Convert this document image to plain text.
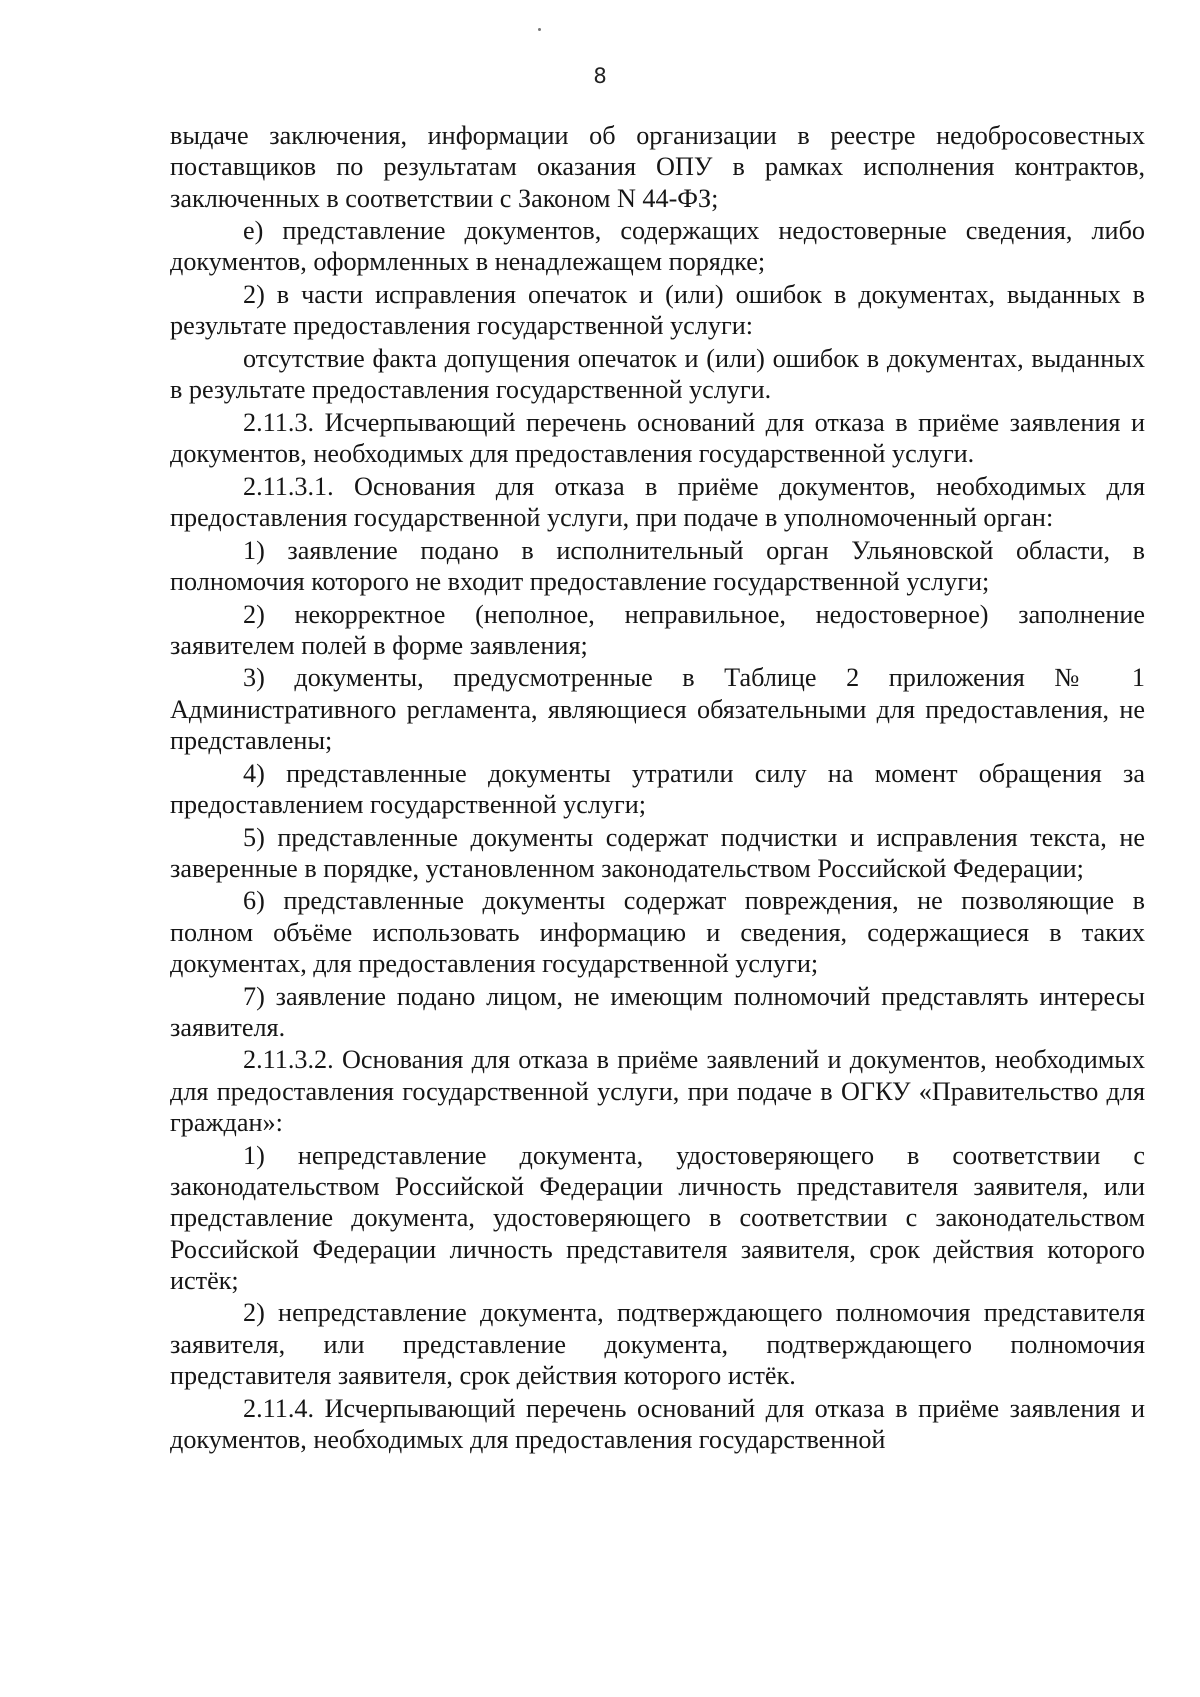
8

выдаче заключения, информации об организации в реестре недобросовестных поставщиков по результатам оказания ОПУ в рамках исполнения контрактов, заключенных в соответствии с Законом N 44-ФЗ;

е) представление документов, содержащих недостоверные сведения, либо документов, оформленных в ненадлежащем порядке;

2) в части исправления опечаток и (или) ошибок в документах, выданных в результате предоставления государственной услуги:

отсутствие факта допущения опечаток и (или) ошибок в документах, выданных в результате предоставления государственной услуги.

2.11.3. Исчерпывающий перечень оснований для отказа в приёме заявления и документов, необходимых для предоставления государственной услуги.

2.11.3.1. Основания для отказа в приёме документов, необходимых для предоставления государственной услуги, при подаче в уполномоченный орган:

1) заявление подано в исполнительный орган Ульяновской области, в полномочия которого не входит предоставление государственной услуги;

2) некорректное (неполное, неправильное, недостоверное) заполнение заявителем полей в форме заявления;

3) документы, предусмотренные в Таблице 2 приложения № 1 Административного регламента, являющиеся обязательными для предоставления, не представлены;

4) представленные документы утратили силу на момент обращения за предоставлением государственной услуги;

5) представленные документы содержат подчистки и исправления текста, не заверенные в порядке, установленном законодательством Российской Федерации;

6) представленные документы содержат повреждения, не позволяющие в полном объёме использовать информацию и сведения, содержащиеся в таких документах, для предоставления государственной услуги;

7) заявление подано лицом, не имеющим полномочий представлять интересы заявителя.

2.11.3.2. Основания для отказа в приёме заявлений и документов, необходимых для предоставления государственной услуги, при подаче в ОГКУ «Правительство для граждан»:

1) непредставление документа, удостоверяющего в соответствии с законодательством Российской Федерации личность представителя заявителя, или представление документа, удостоверяющего в соответствии с законодательством Российской Федерации личность представителя заявителя, срок действия которого истёк;

2) непредставление документа, подтверждающего полномочия представителя заявителя, или представление документа, подтверждающего полномочия представителя заявителя, срок действия которого истёк.

2.11.4. Исчерпывающий перечень оснований для отказа в приёме заявления и документов, необходимых для предоставления государственной
